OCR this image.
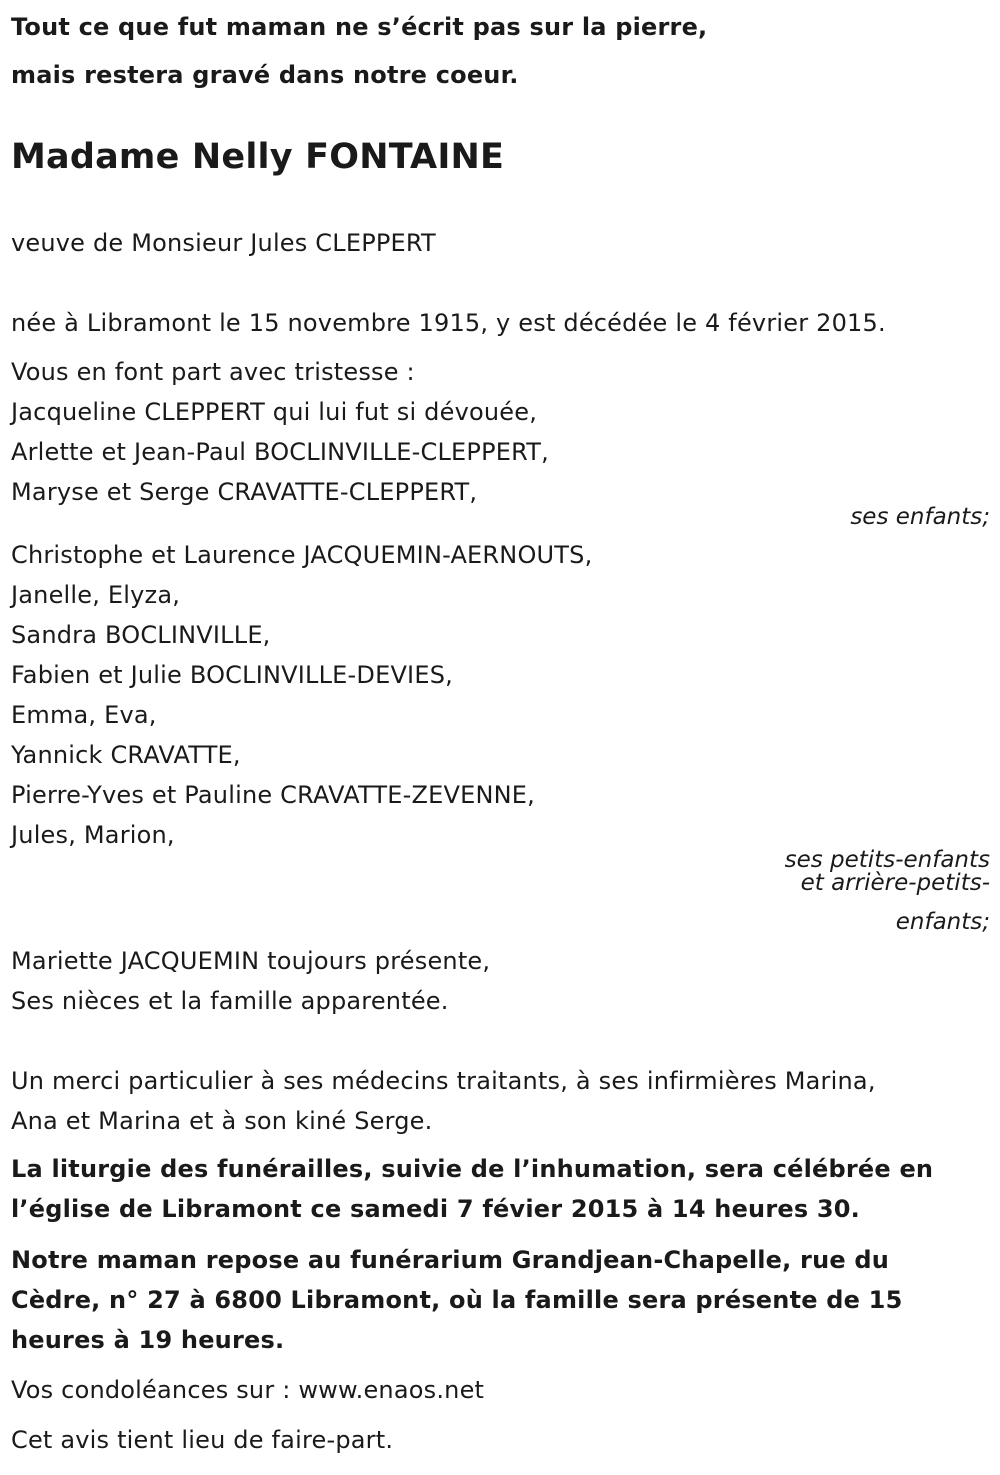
Tout ce que fut maman ne s’écrit pas sur la pierre,
mais restera gravé dans notre coeur.
Madame Nelly FONTAINE
veuve de Monsieur Jules CLEPPERT
née à Libramont le 15 novembre 1915, y est décédée le 4 février 2015.
Vous en font part avec tristesse :
Jacqueline CLEPPERT qui lui fut si dévouée,
Arlette et Jean-Paul BOCLINVILLE-CLEPPERT,
Maryse et Serge CRAVATTE-CLEPPERT,
ses enfants;
Christophe et Laurence JACQUEMIN-AERNOUTS,
Janelle, Elyza,
Sandra BOCLINVILLE,
Fabien et Julie BOCLINVILLE-DEVIES,
Emma, Eva,
Yannick CRAVATTE,
Pierre-Yves et Pauline CRAVATTE-ZEVENNE,
Jules, Marion,
ses petits-enfants
et arrière-petits-
enfants;
Mariette JACQUEMIN toujours présente,
Ses nièces et la famille apparentée.
Un merci particulier à ses médecins traitants, à ses infirmières Marina,
Ana et Marina et à son kiné Serge.
La liturgie des funérailles, suivie de l’inhumation, sera célébrée en
l’église de Libramont ce samedi 7 févier 2015 à 14 heures 30.
Notre maman repose au funérarium Grandjean-Chapelle, rue du
Cèdre, n° 27 à 6800 Libramont, où la famille sera présente de 15
heures à 19 heures.
Vos condoléances sur : www.enaos.net
Cet avis tient lieu de faire-part.
